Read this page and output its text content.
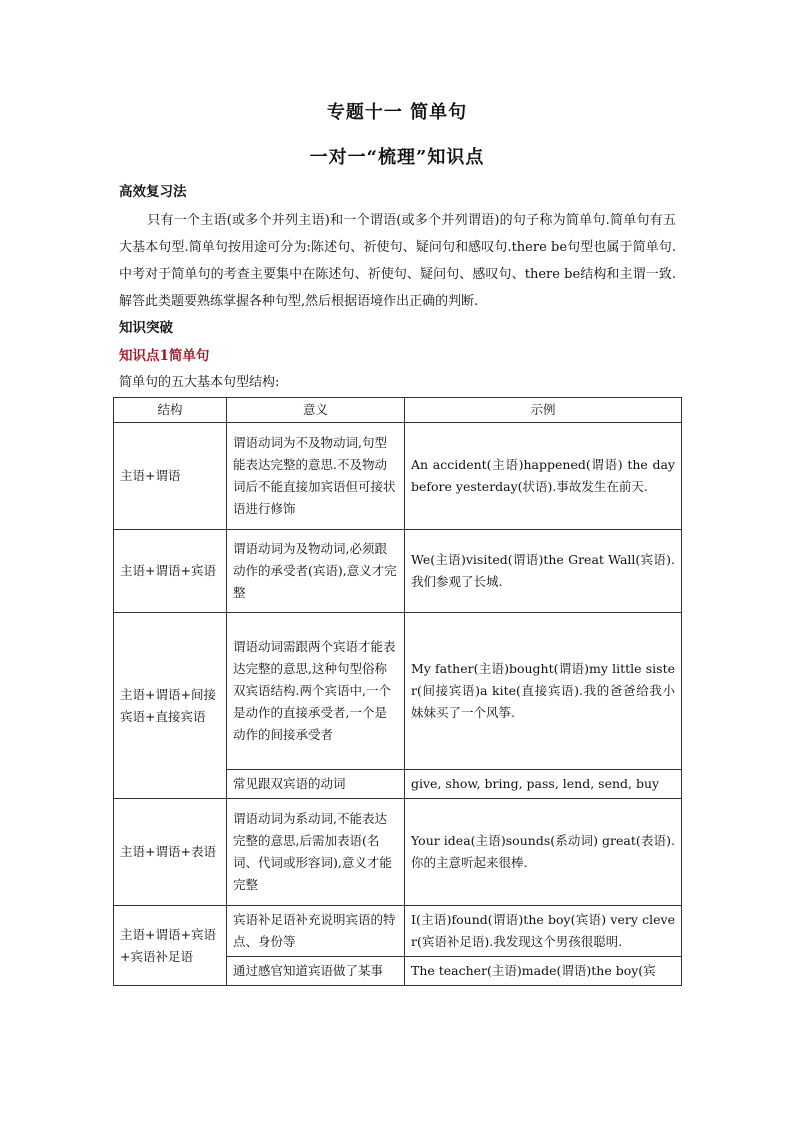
专题十一 简单句
一对一“梳理”知识点
高效复习法
只有一个主语(或多个并列主语)和一个谓语(或多个并列谓语)的句子称为简单句.简单句有五大基本句型.简单句按用途可分为:陈述句、祈使句、疑问句和感叹句.there be句型也属于简单句.中考对于简单句的考查主要集中在陈述句、祈使句、疑问句、感叹句、there be结构和主谓一致.解答此类题要熟练掌握各种句型,然后根据语境作出正确的判断.
知识突破
知识点1简单句
简单句的五大基本句型结构:
结构	意义	示例
主语+谓语	谓语动词为不及物动词,句型能表达完整的意思.不及物动词后不能直接加宾语但可接状语进行修饰	An accident(主语)happened(谓语) the day before yesterday(状语).事故发生在前天.
主语+谓语+宾语	谓语动词为及物动词,必须跟动作的承受者(宾语),意义才完整	We(主语)visited(谓语)the Great Wall(宾语).我们参观了长城.
主语+谓语+间接宾语+直接宾语	谓语动词需跟两个宾语才能表达完整的意思,这种句型俗称双宾语结构.两个宾语中,一个是动作的直接承受者,一个是动作的间接承受者	My father(主语)bought(谓语)my little sister(间接宾语)a kite(直接宾语).我的爸爸给我小妹妹买了一个风筝.
	常见跟双宾语的动词	give, show, bring, pass, lend, send, buy
主语+谓语+表语	谓语动词为系动词,不能表达完整的意思,后需加表语(名词、代词或形容词),意义才能完整	Your idea(主语)sounds(系动词) great(表语).你的主意听起来很棒.
主语+谓语+宾语+宾语补足语	宾语补足语补充说明宾语的特点、身份等	I(主语)found(谓语)the boy(宾语) very clever(宾语补足语).我发现这个男孩很聪明.
	通过感官知道宾语做了某事	The teacher(主语)made(谓语)the boy(宾
